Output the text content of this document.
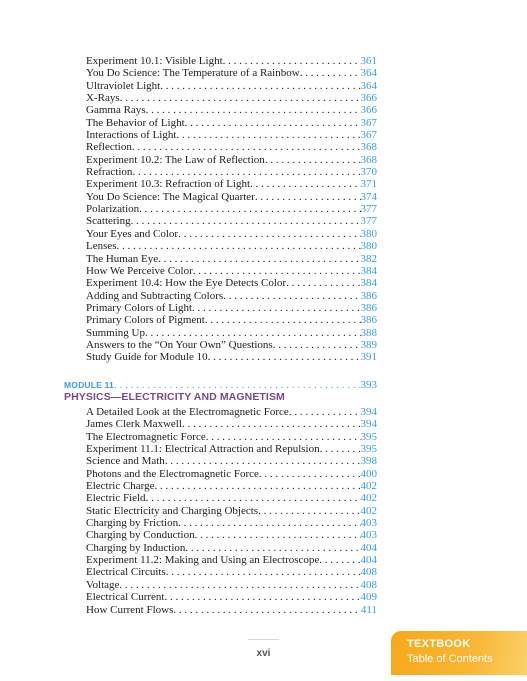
Experiment 10.1: Visible Light . . .	361
You Do Science: The Temperature of a Rainbow . . .	364
Ultraviolet Light . . .	364
X-Rays . . .	366
Gamma Rays . . .	366
The Behavior of Light . . .	367
Interactions of Light . . .	367
Reflection . . .	368
Experiment 10.2: The Law of Reflection . . .	368
Refraction . . .	370
Experiment 10.3: Refraction of Light . . .	371
You Do Science: The Magical Quarter . . .	374
Polarization . . .	377
Scattering . . .	377
Your Eyes and Color . . .	380
Lenses . . .	380
The Human Eye . . .	382
How We Perceive Color . . .	384
Experiment 10.4: How the Eye Detects Color . . .	384
Adding and Subtracting Colors . . .	386
Primary Colors of Light . . .	386
Primary Colors of Pigment . . .	386
Summing Up . . .	388
Answers to the “On Your Own” Questions . . .	389
Study Guide for Module 10 . . .	391
MODULE 11 . . .	393
PHYSICS—ELECTRICITY AND MAGNETISM
A Detailed Look at the Electromagnetic Force . . .	394
James Clerk Maxwell . . .	394
The Electromagnetic Force . . .	395
Experiment 11.1: Electrical Attraction and Repulsion . . .	395
Science and Math . . .	398
Photons and the Electromagnetic Force . . .	400
Electric Charge . . .	402
Electric Field . . .	402
Static Electricity and Charging Objects . . .	402
Charging by Friction . . .	403
Charging by Conduction . . .	403
Charging by Induction . . .	404
Experiment 11.2: Making and Using an Electroscope . . .	404
Electrical Circuits . . .	408
Voltage . . .	408
Electrical Current . . .	409
How Current Flows . . .	411
xvi
TEXTBOOK
Table of Contents
